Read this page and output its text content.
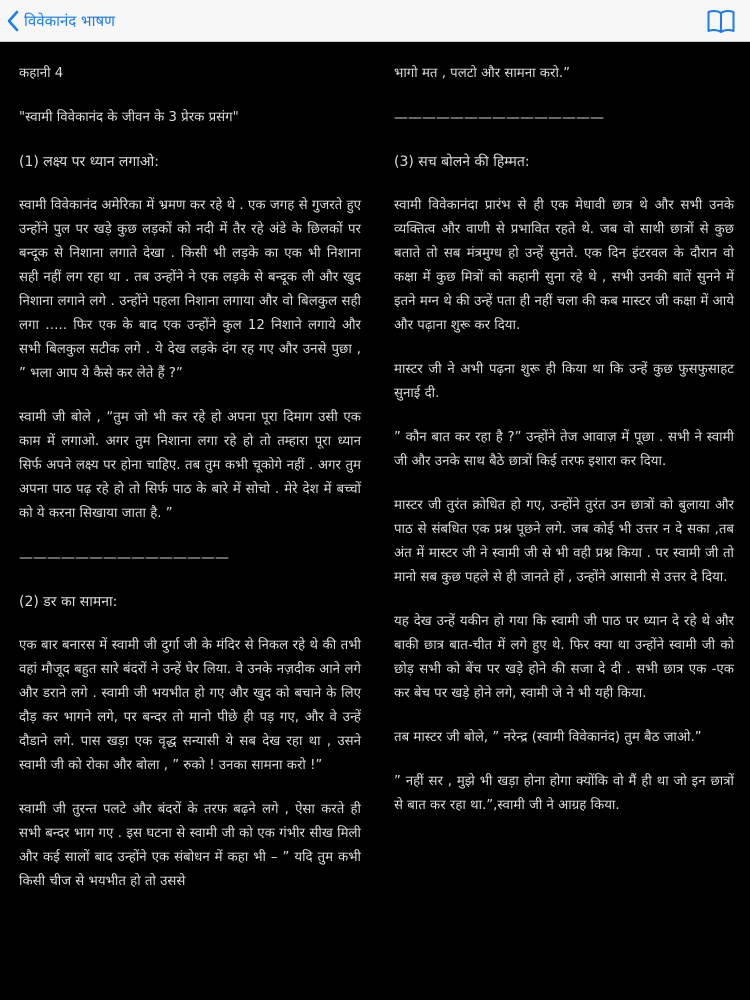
विवेकानंद भाषण

कहानी 4

"स्वामी विवेकानंद के जीवन के 3 प्रेरक प्रसंग"

(1) लक्ष्य पर ध्यान लगाओ:

स्वामी विवेकानंद अमेरिका में भ्रमण कर रहे थे . एक जगह से गुजरते हुए उन्होंने पुल पर खड़े कुछ लड़कों को नदी में तैर रहे अंडे के छिलकों पर बन्दूक से निशाना लगाते देखा . किसी भी लड़के का एक भी निशाना सही नहीं लग रहा था . तब उन्होंने ने एक लड़के से बन्दूक ली और खुद निशाना लगाने लगे . उन्होंने पहला निशाना लगाया और वो बिलकुल सही लगा ….. फिर एक के बाद एक उन्होंने कुल 12 निशाने लगाये और सभी बिलकुल सटीक लगे . ये देख लड़के दंग रह गए और उनसे पुछा , ” भला आप ये कैसे कर लेते हैं ?”

स्वामी जी बोले , “तुम जो भी कर रहे हो अपना पूरा दिमाग उसी एक काम में लगाओ. अगर तुम निशाना लगा रहे हो तो तम्हारा पूरा ध्यान सिर्फ अपने लक्ष्य पर होना चाहिए. तब तुम कभी चूकोगे नहीं . अगर तुम अपना पाठ पढ़ रहे हो तो सिर्फ पाठ के बारे में सोचो . मेरे देश में बच्चों को ये करना सिखाया जाता है. ”

———————————————

(2) डर का सामना:

एक बार बनारस में स्वामी जी दुर्गा जी के मंदिर से निकल रहे थे की तभी वहां मौजूद बहुत सारे बंदरों ने उन्हें घेर लिया. वे उनके नज़दीक आने लगे और डराने लगे . स्वामी जी भयभीत हो गए और खुद को बचाने के लिए दौड़ कर भागने लगे, पर बन्दर तो मानो पीछे ही पड़ गए, और वे उन्हें दौडाने लगे. पास खड़ा एक वृद्ध सन्यासी ये सब देख रहा था , उसने स्वामी जी को रोका और बोला , ” रुको ! उनका सामना करो !”

स्वामी जी तुरन्त पलटे और बंदरों के तरफ बढ़ने लगे , ऐसा करते ही सभी बन्दर भाग गए . इस घटना से स्वामी जी को एक गंभीर सीख मिली और कई सालों बाद उन्होंने एक संबोधन में कहा भी – ” यदि तुम कभी किसी चीज से भयभीत हो तो उससे

भागो मत , पलटो और सामना करो.”

———————————————

(3) सच बोलने की हिम्मत:

स्वामी विवेकानंदा प्रारंभ से ही एक मेधावी छात्र थे और सभी उनके व्यक्तित्व और वाणी से प्रभावित रहते थे. जब वो साथी छात्रों से कुछ बताते तो सब मंत्रमुग्ध हो उन्हें सुनते. एक दिन इंटरवल के दौरान वो कक्षा में कुछ मित्रों को कहानी सुना रहे थे , सभी उनकी बातें सुनने में इतने मग्न थे की उन्हें पता ही नहीं चला की कब मास्टर जी कक्षा में आये और पढ़ाना शुरू कर दिया.

मास्टर जी ने अभी पढ़ना शुरू ही किया था कि उन्हें कुछ फुसफुसाहट सुनाई दी.

” कौन बात कर रहा है ?” उन्होंने तेज आवाज़ में पूछा . सभी ने स्वामी जी और उनके साथ बैठे छात्रों किई तरफ इशारा कर दिया.

मास्टर जी तुरंत क्रोधित हो गए, उन्होंने तुरंत उन छात्रों को बुलाया और पाठ से संबधित एक प्रश्न पूछने लगे. जब कोई भी उत्तर न दे सका ,तब अंत में मास्टर जी ने स्वामी जी से भी वही प्रश्न किया . पर स्वामी जी तो मानो सब कुछ पहले से ही जानते हों , उन्होंने आसानी से उत्तर दे दिया.

यह देख उन्हें यकीन हो गया कि स्वामी जी पाठ पर ध्यान दे रहे थे और बाकी छात्र बात-चीत में लगे हुए थे. फिर क्या था उन्होंने स्वामी जी को छोड़ सभी को बेंच पर खड़े होने की सजा दे दी . सभी छात्र एक -एक कर बेच पर खड़े होने लगे, स्वामी जे ने भी यही किया.

तब मास्टर जी बोले, ” नरेन्द्र (स्वामी विवेकानंद) तुम बैठ जाओ.”

” नहीं सर , मुझे भी खड़ा होना होगा क्योंकि वो मैं ही था जो इन छात्रों से बात कर रहा था.”,स्वामी जी ने आग्रह किया.
